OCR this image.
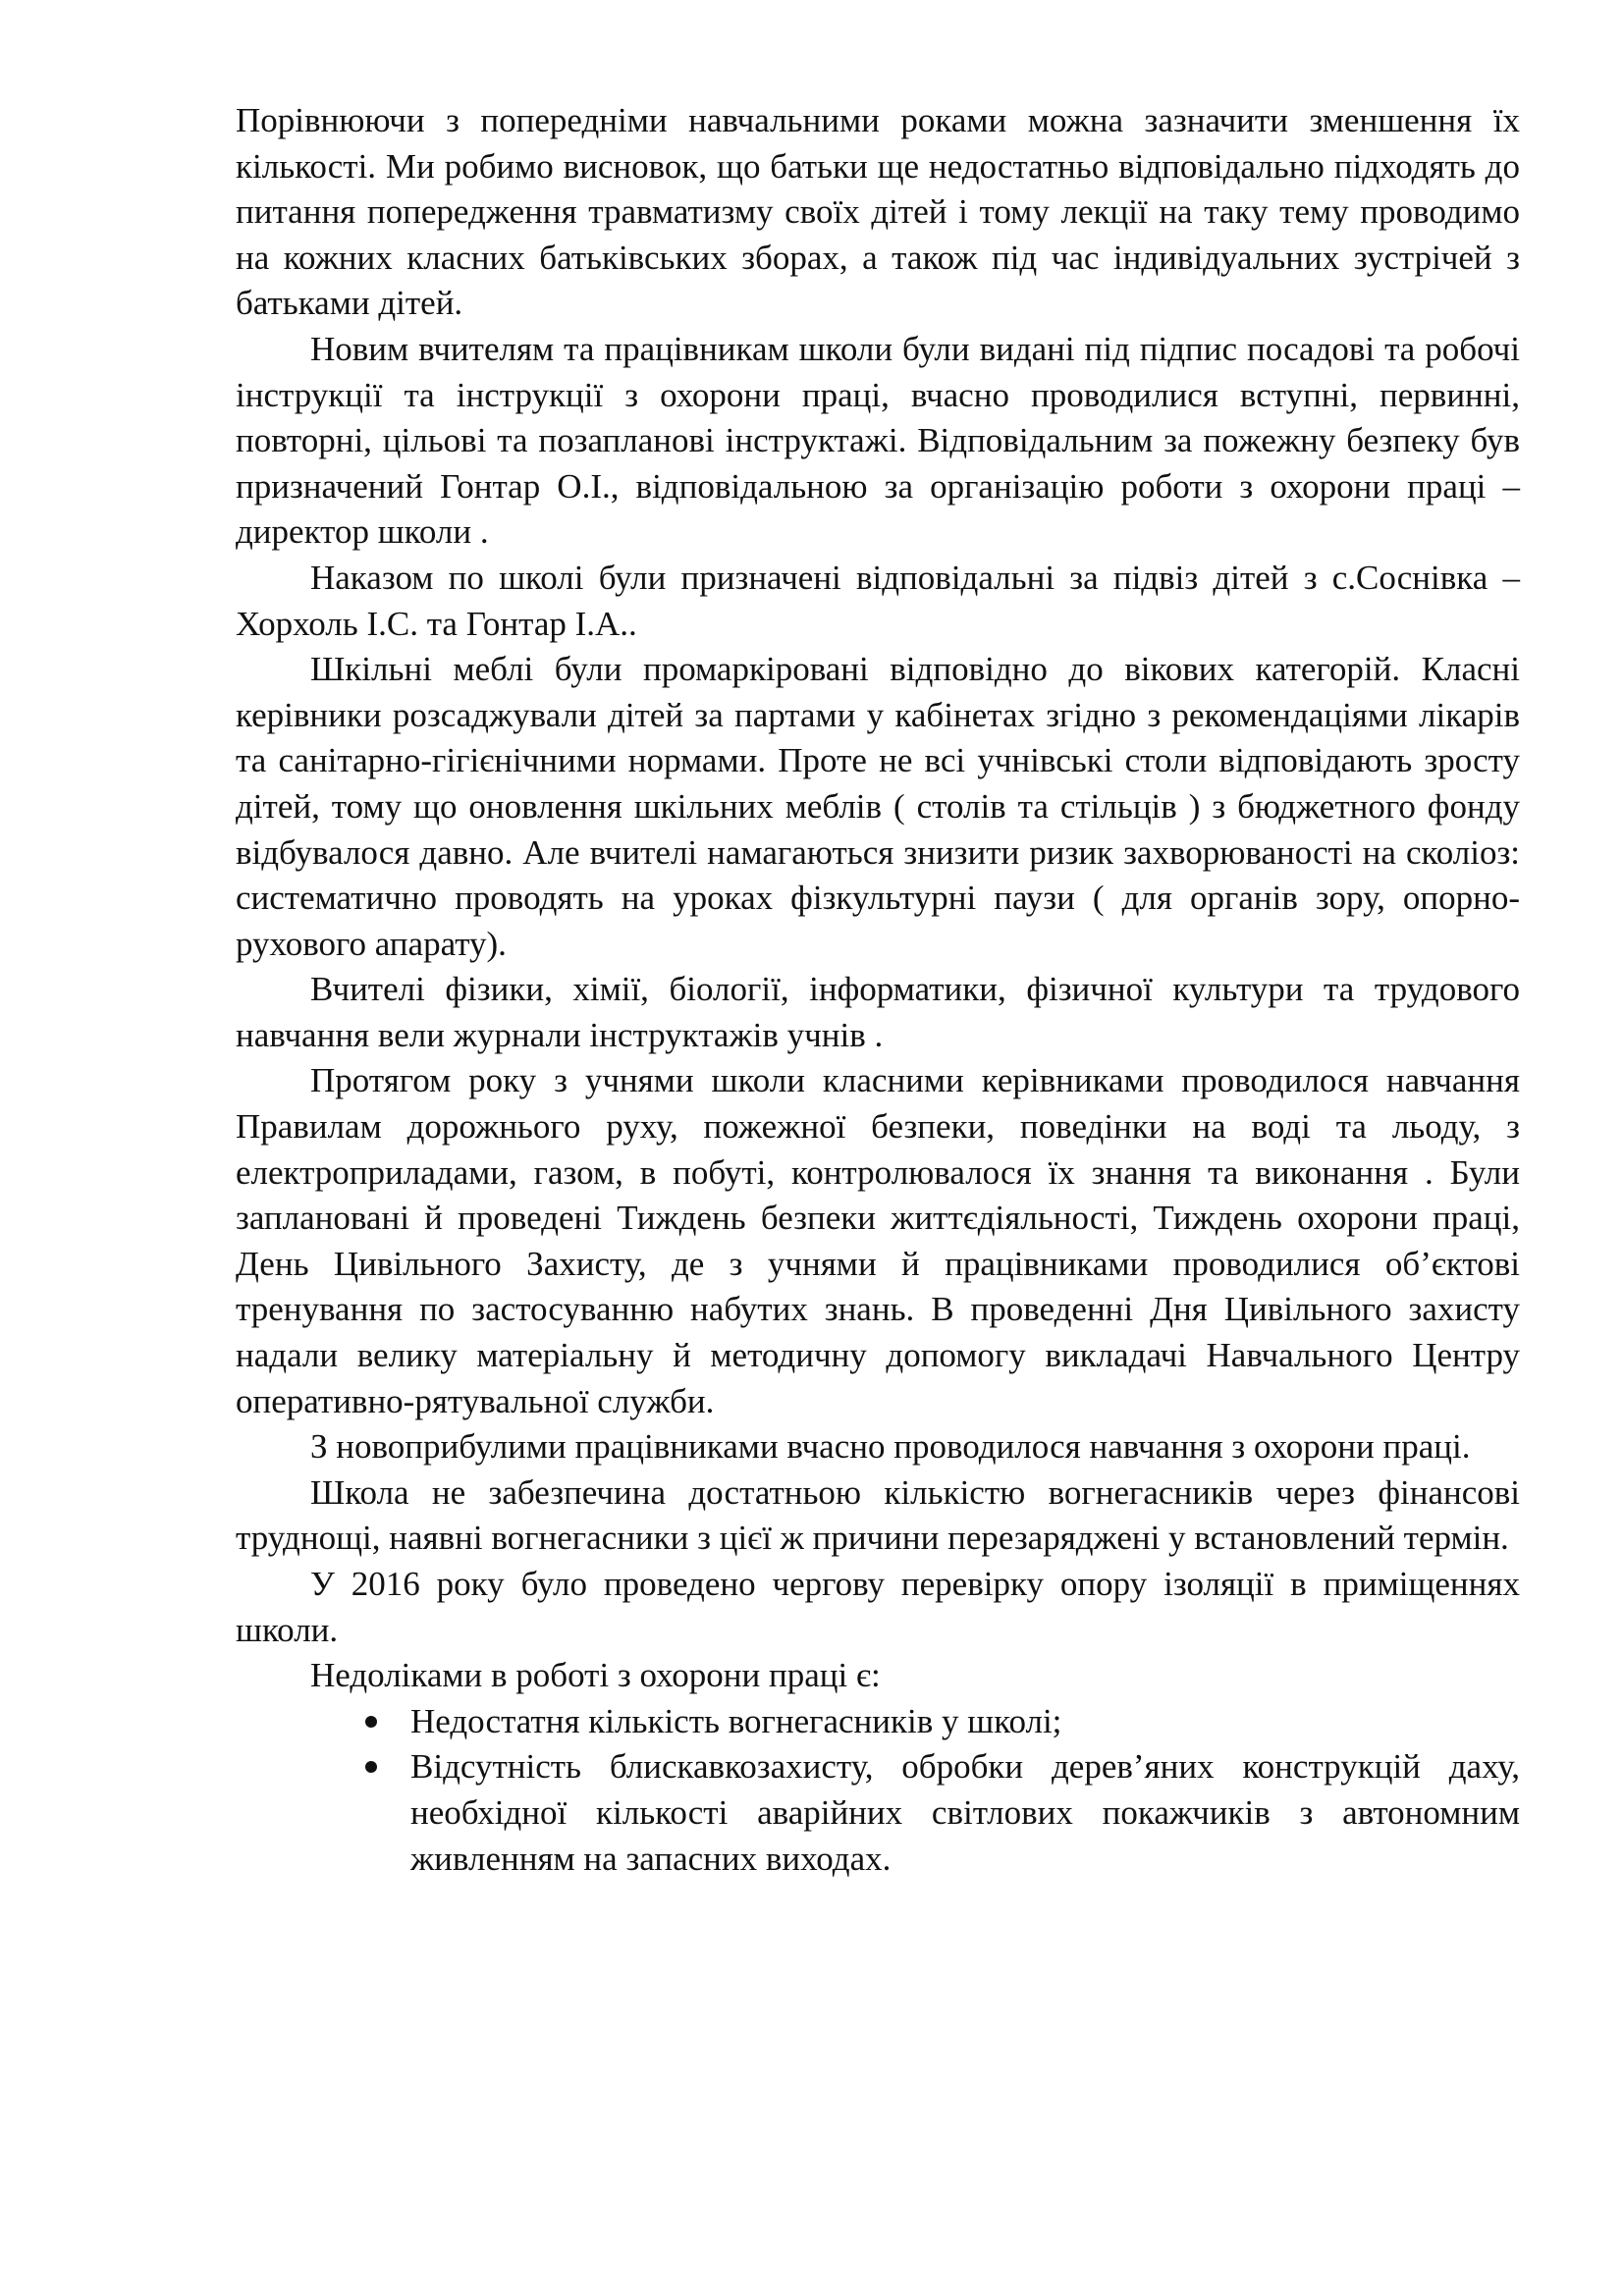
Порівнюючи з попередніми навчальними роками можна зазначити зменшення їх кількості. Ми робимо висновок, що батьки ще недостатньо відповідально підходять до питання попередження травматизму своїх дітей і тому лекції на таку тему проводимо на кожних класних батьківських зборах, а також під час індивідуальних зустрічей з батьками дітей.

Новим вчителям та працівникам школи були видані під підпис посадові та робочі інструкції та інструкції з охорони праці, вчасно проводилися вступні, первинні, повторні, цільові та позапланові інструктажі. Відповідальним за пожежну безпеку був призначений Гонтар О.І., відповідальною за організацію роботи з охорони праці – директор школи .

Наказом по школі були призначені відповідальні за підвіз дітей з с.Соснівка – Хорхоль І.С. та Гонтар І.А..

Шкільні меблі були промаркіровані відповідно до вікових категорій. Класні керівники розсаджували дітей за партами у кабінетах згідно з рекомендаціями лікарів та санітарно-гігієнічними нормами. Проте не всі учнівські столи відповідають зросту дітей, тому що оновлення шкільних меблів ( столів та стільців ) з бюджетного фонду відбувалося давно. Але вчителі намагаються знизити ризик захворюваності на сколіоз: систематично проводять на уроках фізкультурні паузи ( для органів зору, опорно-рухового апарату).

Вчителі фізики, хімії, біології, інформатики, фізичної культури та трудового навчання вели журнали інструктажів учнів .

Протягом року з учнями школи класними керівниками проводилося навчання Правилам дорожнього руху, пожежної безпеки, поведінки на воді та льоду, з електроприладами, газом, в побуті, контролювалося їх знання та виконання . Були заплановані й проведені Тиждень безпеки життєдіяльності, Тиждень охорони праці, День Цивільного Захисту, де з учнями й працівниками проводилися об’єктові тренування по застосуванню набутих знань. В проведенні Дня Цивільного захисту надали велику матеріальну й методичну допомогу викладачі Навчального Центру оперативно-рятувальної служби.

З новоприбулими працівниками вчасно проводилося навчання з охорони праці.

Школа не забезпечина достатньою кількістю вогнегасників через фінансові труднощі, наявні вогнегасники з цієї ж причини перезаряджені у встановлений термін.

У 2016 року було проведено чергову перевірку опору ізоляції в приміщеннях школи.

Недоліками в роботі з охорони праці є:

Недостатня кількість вогнегасників у школі;
Відсутність блискавкозахисту, обробки дерев’яних конструкцій даху, необхідної кількості аварійних світлових покажчиків з автономним живленням на запасних виходах.
